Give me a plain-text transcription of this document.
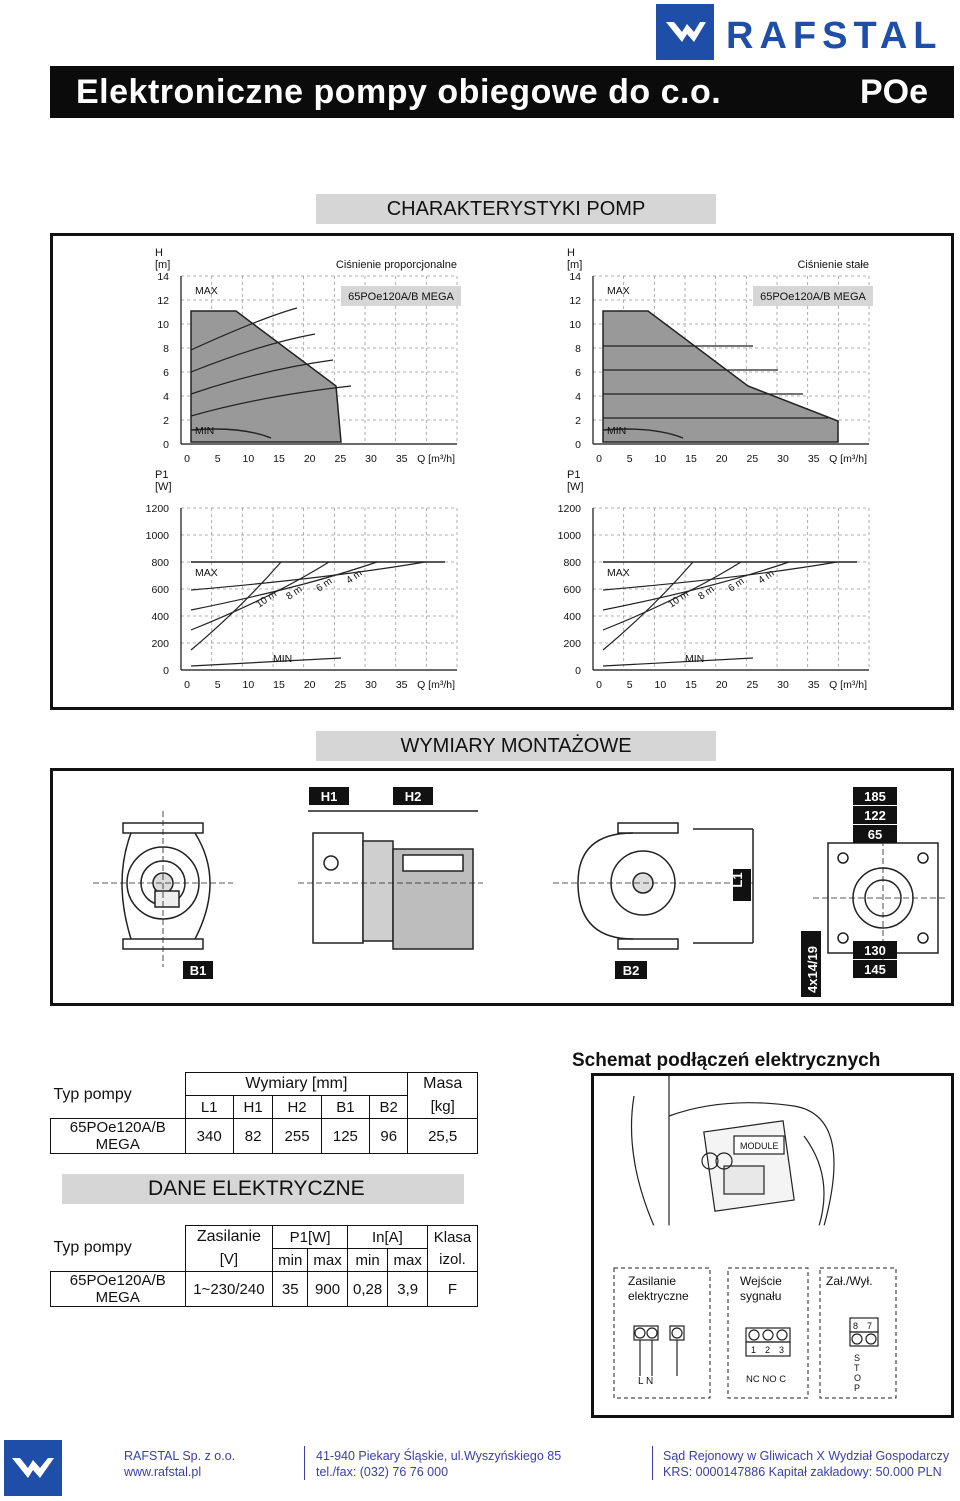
RAFSTAL
Elektroniczne pompy obiegowe do c.o.	POe
CHARAKTERYSTYKI POMP
14
12
10
8
6
4
2
0
0 5 10 15 20 25 30 35 Q [m³/h]
H
[m]
MAX
MIN
65POe120A/B MEGA
Ciśnienie proporcjonalne
14
12
10
8
6
4
2
0
0 5 10 15 20 25 30 35 Q [m³/h]
H
[m]
MAX
MIN
65POe120A/B MEGA
Ciśnienie stałe
1200
1000
800
600
400
200
0
0 5 10 15 20 25 30 35 Q [m³/h]
P1
[W]
MAX
MIN
10 m 8 m 6 m 4 m
1200
1000
800
600
400
200
0
0 5 10 15 20 25 30 35 Q [m³/h]
P1
[W]
MAX
MIN
10 m 8 m 6 m 4 m
WYMIARY MONTAŻOWE
B1
H1	H2
B2
L1
185
122
65
130
145
4x14/19
Typ pompy	Wymiary [mm]					Masa
	L1	H1	H2	B1	B2	[kg]
65POe120A/B MEGA	340	82	255	125	96	25,5
DANE ELEKTRYCZNE
Typ pompy	Zasilanie	P1[W]		In[A]		Klasa
	[V]	min	max	min	max	izol.
65POe120A/B MEGA	1~230/240	35	900	0,28	3,9	F
Schemat podłączeń elektrycznych
MODULE
Zasilanie
elektryczne
Wejście
sygnału
Zał./Wył.
L N
1 2 3
NC NO C
8 7
S
T
O
P
RAFSTAL Sp. z o.o.
www.rafstal.pl
41-940 Piekary Śląskie, ul.Wyszyńskiego 85
tel./fax: (032) 76 76 000
Sąd Rejonowy w Gliwicach X Wydział Gospodarczy
KRS: 0000147886 Kapitał zakładowy: 50.000 PLN
